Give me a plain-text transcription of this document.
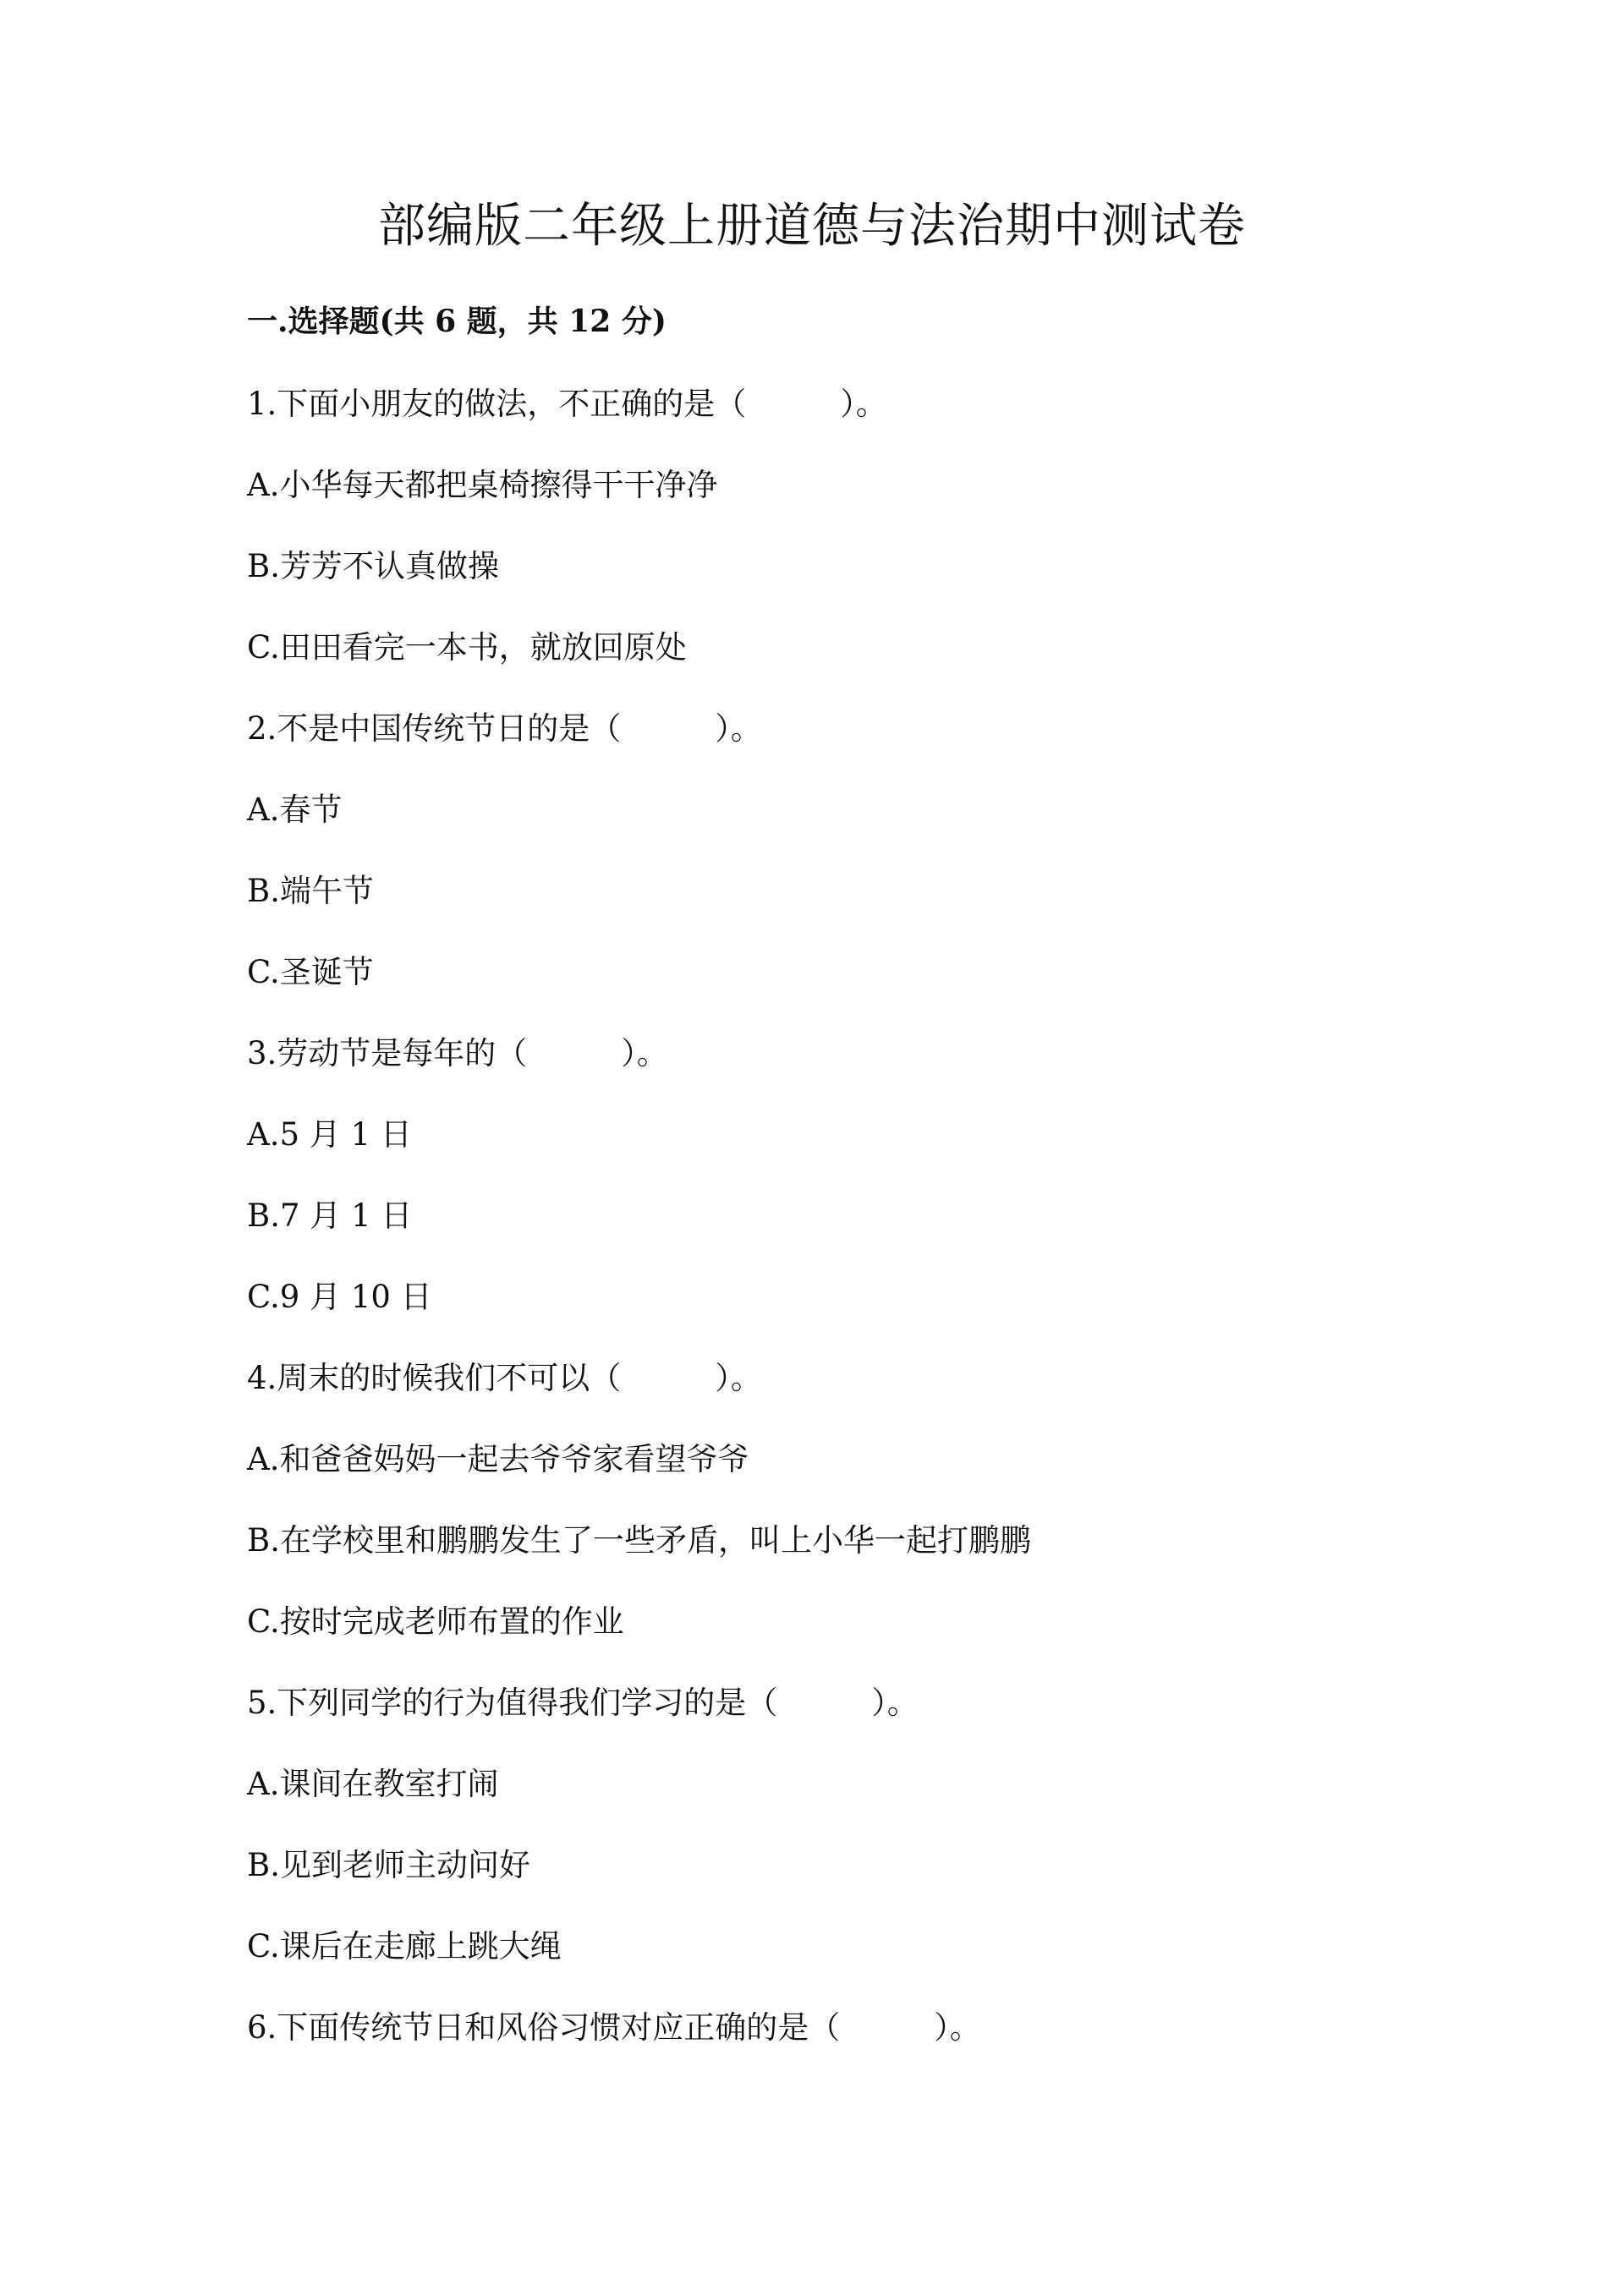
部编版二年级上册道德与法治期中测试卷
一.选择题(共 6 题，共 12 分)

1.下面小朋友的做法，不正确的是（　　　）。

A.小华每天都把桌椅擦得干干净净

B.芳芳不认真做操

C.田田看完一本书，就放回原处

2.不是中国传统节日的是（　　　）。

A.春节

B.端午节

C.圣诞节

3.劳动节是每年的（　　　）。

A.5 月 1 日

B.7 月 1 日

C.9 月 10 日

4.周末的时候我们不可以（　　　）。

A.和爸爸妈妈一起去爷爷家看望爷爷

B.在学校里和鹏鹏发生了一些矛盾，叫上小华一起打鹏鹏

C.按时完成老师布置的作业

5.下列同学的行为值得我们学习的是（　　　）。

A.课间在教室打闹

B.见到老师主动问好

C.课后在走廊上跳大绳

6.下面传统节日和风俗习惯对应正确的是（　　　）。
